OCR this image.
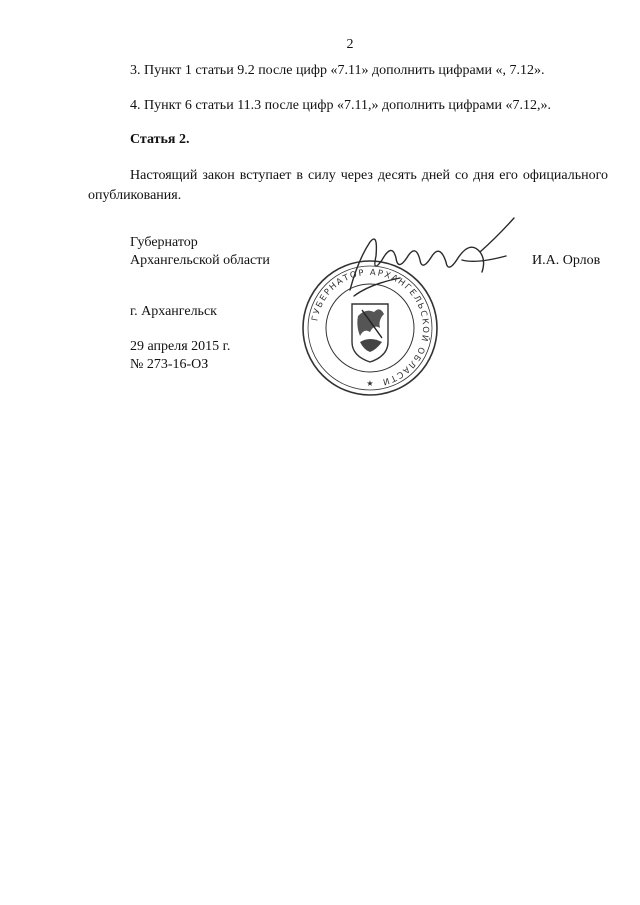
2
3. Пункт 1 статьи 9.2 после цифр «7.11» дополнить цифрами «, 7.12».
4. Пункт 6 статьи 11.3 после цифр «7.11,» дополнить цифрами «7.12,».
Статья 2.
Настоящий закон вступает в силу через десять дней со дня его официального опубликования.
Губернатор
Архангельской области	И.А. Орлов
г. Архангельск
29 апреля 2015 г.
№ 273-16-ОЗ
ГУБЕРНАТОР АРХАНГЕЛЬСКОЙ ОБЛАСТИ
★
